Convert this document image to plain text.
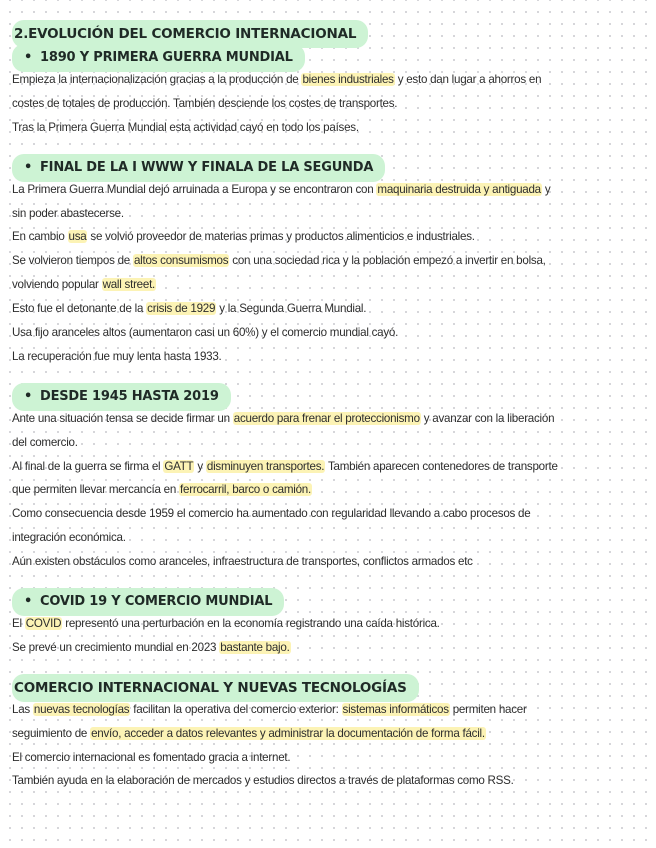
2.EVOLUCIÓN DEL COMERCIO INTERNACIONAL
• 1890 Y PRIMERA GUERRA MUNDIAL
Empieza la internacionalización gracias a la producción de bienes industriales y esto dan lugar a ahorros en
costes de totales de producción. También desciende los costes de transportes.
Tras la Primera Guerra Mundial esta actividad cayó en todo los países.
• FINAL DE LA I WWW Y FINALA DE LA SEGUNDA
La Primera Guerra Mundial dejó arruinada a Europa y se encontraron con maquinaria destruida y antiguada y
sin poder abastecerse.
En cambio usa se volvió proveedor de materias primas y productos alimenticios e industriales.
Se volvieron tiempos de altos consumismos con una sociedad rica y la población empezó a invertir en bolsa,
volviendo popular wall street.
Esto fue el detonante de la crisis de 1929 y la Segunda Guerra Mundial.
Usa fijo aranceles altos (aumentaron casi un 60%) y el comercio mundial cayó.
La recuperación fue muy lenta hasta 1933.
• DESDE 1945 HASTA 2019
Ante una situación tensa se decide firmar un acuerdo para frenar el proteccionismo y avanzar con la liberación
del comercio.
Al final de la guerra se firma el GATT y disminuyen transportes. También aparecen contenedores de transporte
que permiten llevar mercancía en ferrocarril, barco o camión.
Como consecuencia desde 1959 el comercio ha aumentado con regularidad llevando a cabo procesos de
integración económica.
Aún existen obstáculos como aranceles, infraestructura de transportes, conflictos armados etc
• COVID 19 Y COMERCIO MUNDIAL
El COVID representó una perturbación en la economía registrando una caída histórica.
Se prevé un crecimiento mundial en 2023 bastante bajo.
COMERCIO INTERNACIONAL Y NUEVAS TECNOLOGÍAS
Las nuevas tecnologías facilitan la operativa del comercio exterior: sistemas informáticos permiten hacer
seguimiento de envío, acceder a datos relevantes y administrar la documentación de forma fácil.
El comercio internacional es fomentado gracia a internet.
También ayuda en la elaboración de mercados y estudios directos a través de plataformas como RSS.
